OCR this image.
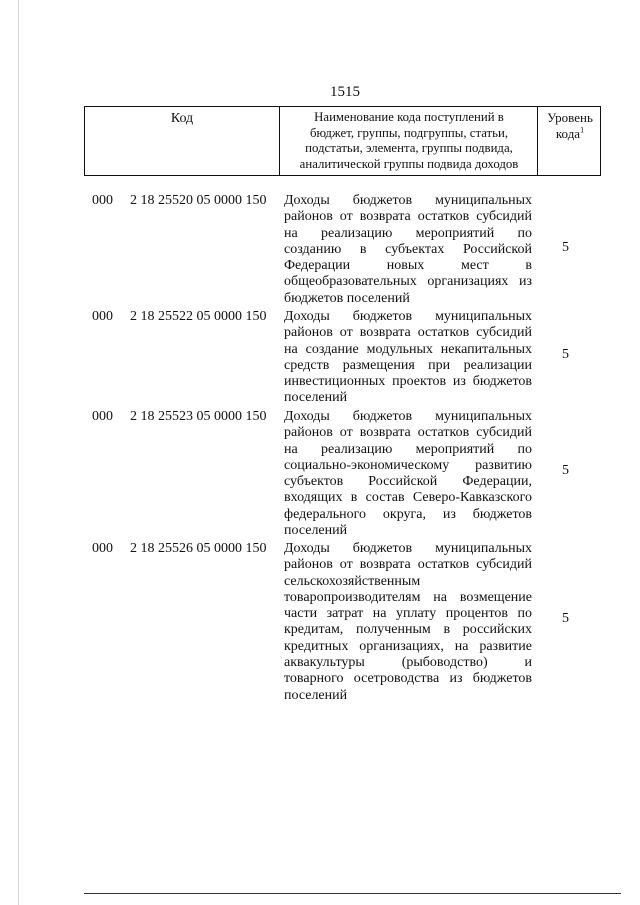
1515
Код	Наименование кода поступлений в
бюджет, группы, подгруппы, статьи,
подстатьи, элемента, группы подвида,
аналитической группы подвида доходов
Уровень
кода$^1$
000 2 18 25520 05 0000 150 Доходы бюджетов муниципальных
районов от возврата остатков субсидий
на реализацию мероприятий по
созданию в субъектах Российской
Федерации новых мест в
общеобразовательных организациях из
бюджетов поселений
5
000 2 18 25522 05 0000 150 Доходы бюджетов муниципальных
районов от возврата остатков субсидий
на создание модульных некапитальных
средств размещения при реализации
инвестиционных проектов из бюджетов
поселений
5
000 2 18 25523 05 0000 150 Доходы бюджетов муниципальных
районов от возврата остатков субсидий
на реализацию мероприятий по
социально-экономическому развитию
субъектов Российской Федерации,
входящих в состав Северо-Кавказского
федерального округа, из бюджетов
поселений
5
000 2 18 25526 05 0000 150 Доходы бюджетов муниципальных
районов от возврата остатков субсидий
сельскохозяйственным
товаропроизводителям на возмещение
части затрат на уплату процентов по
кредитам, полученным в российских
кредитных организациях, на развитие
аквакультуры (рыбоводство) и
товарного осетроводства из бюджетов
поселений
5
